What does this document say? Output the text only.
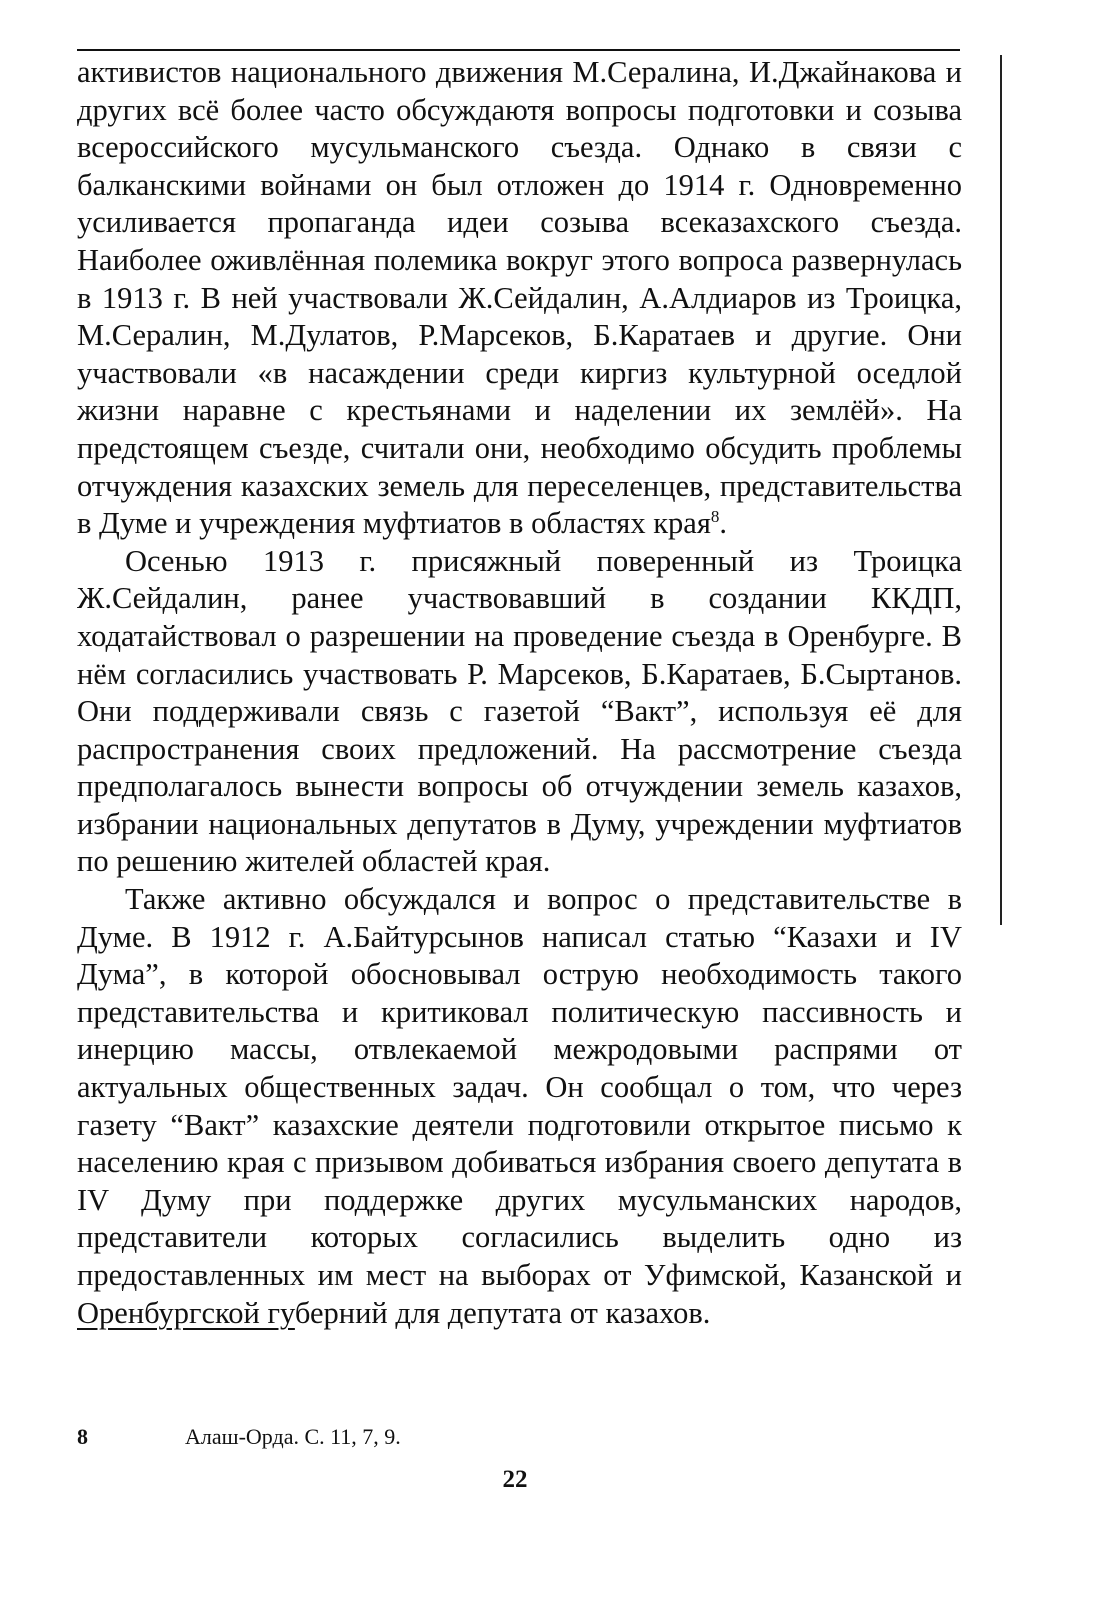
активистов национального движения М.Сералина, И.Джайнакова и других всё более часто обсуждаютя вопросы подготовки и созыва всероссийского мусульманского съезда. Однако в связи с балканскими войнами он был отложен до 1914 г. Одновременно усиливается пропаганда идеи созыва всеказахского съезда. Наиболее оживлённая полемика вокруг этого вопроса развернулась в 1913 г. В ней участвовали Ж.Сейдалин, А.Алдиаров из Троицка, М.Сералин, М.Дулатов, Р.Марсеков, Б.Каратаев и другие. Они участвовали «в насаждении среди киргиз культурной оседлой жизни наравне с крестьянами и наделении их землёй». На предстоящем съезде, считали они, необходимо обсудить проблемы отчуждения казахских земель для переселенцев, представительства в Думе и учреждения муфтиатов в областях края$^8$.

Осенью 1913 г. присяжный поверенный из Троицка Ж.Сейдалин, ранее участвовавший в создании ККДП, ходатайствовал о разрешении на проведение съезда в Оренбурге. В нём согласились участвовать Р. Марсеков, Б.Каратаев, Б.Сыртанов. Они поддерживали связь с газетой “Вакт”, используя её для распространения своих предложений. На рассмотрение съезда предполагалось вынести вопросы об отчуждении земель казахов, избрании национальных депутатов в Думу, учреждении муфтиатов по решению жителей областей края.

Также активно обсуждался и вопрос о представительстве в Думе. В 1912 г. А.Байтурсынов написал статью “Казахи и IV Дума”, в которой обосновывал острую необходимость такого представительства и критиковал политическую пассивность и инерцию массы, отвлекаемой межродовыми распрями от актуальных общественных задач. Он сообщал о том, что через газету “Вакт” казахские деятели подготовили открытое письмо к населению края с призывом добиваться избрания своего депутата в IV Думу при поддержке других мусульманских народов, представители которых согласились выделить одно из предоставленных им мест на выборах от Уфимской, Казанской и Оренбургской губерний для депутата от казахов.

8	Алаш-Орда. С. 11, 7, 9.
22
